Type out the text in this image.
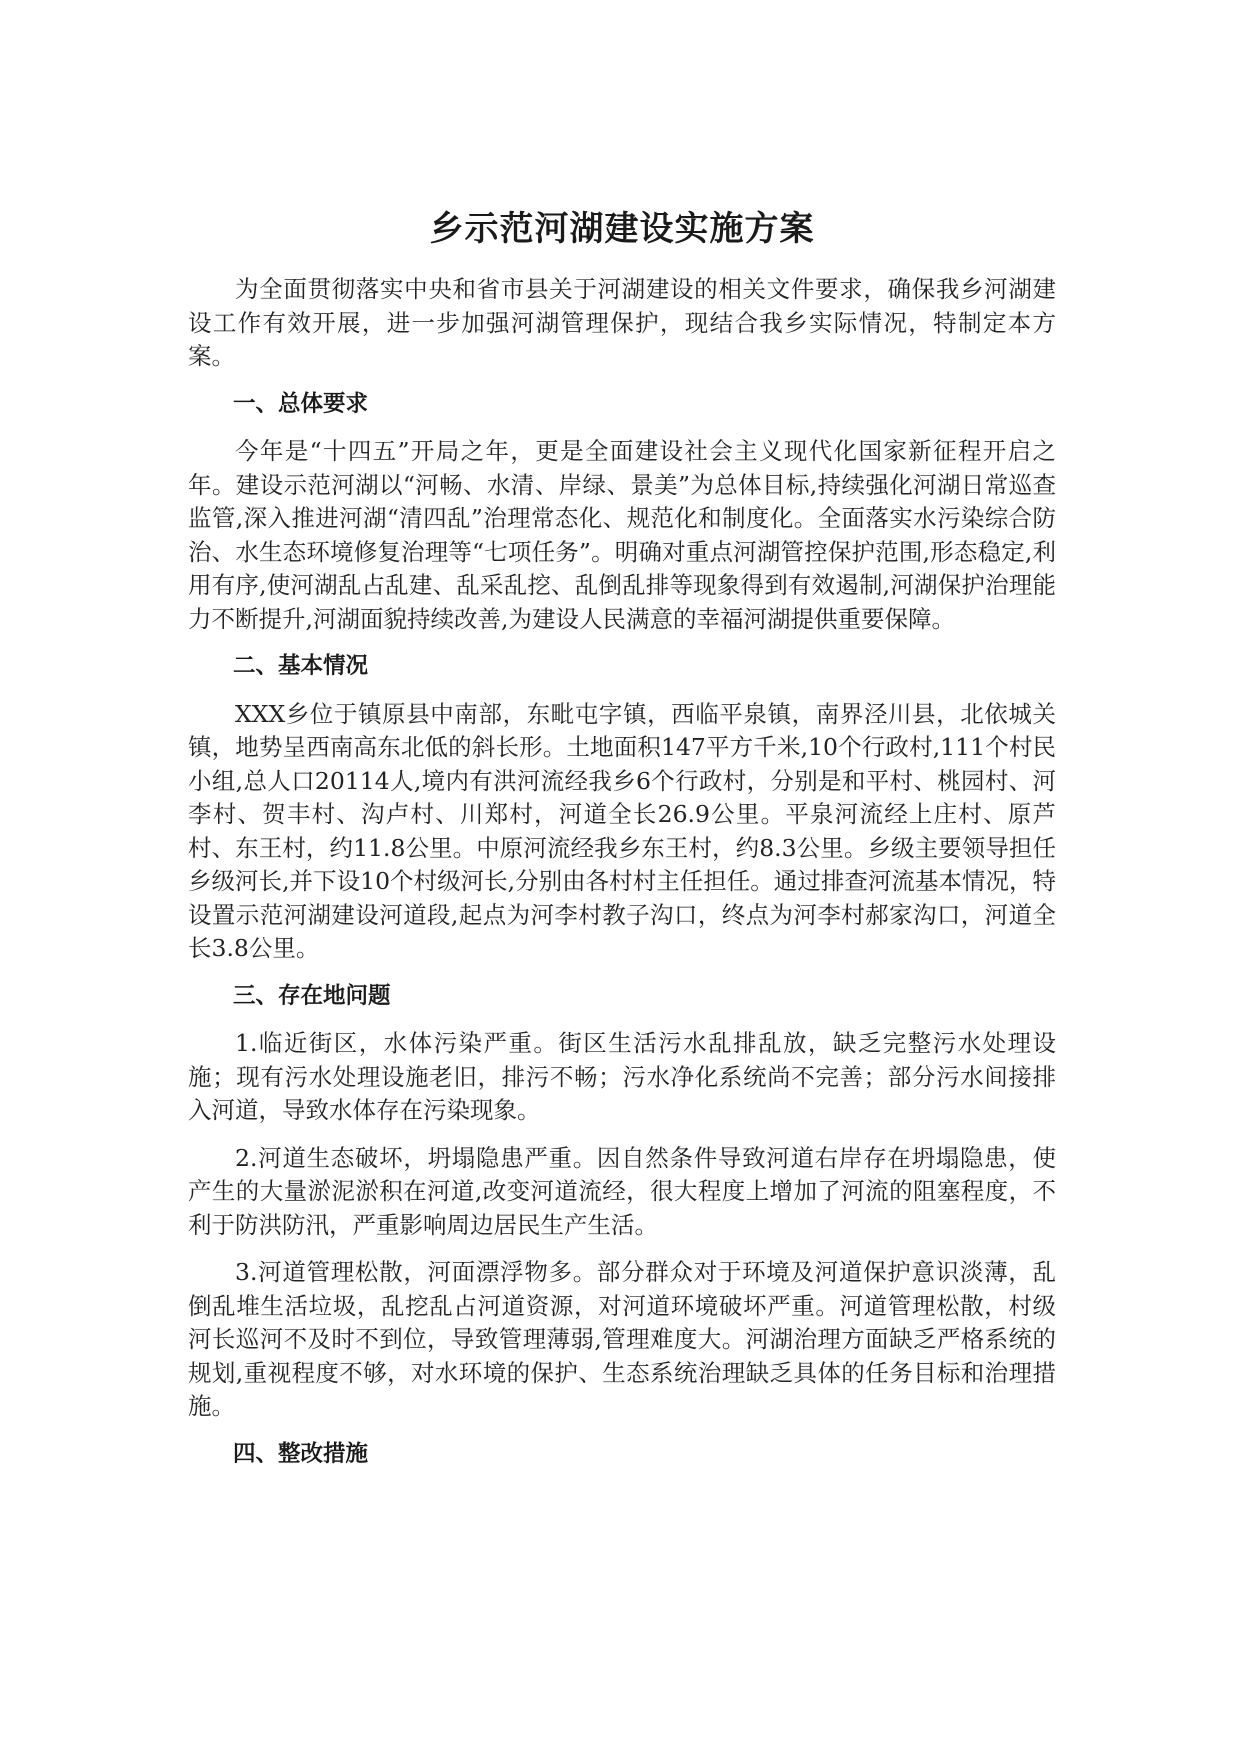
乡示范河湖建设实施方案

为全面贯彻落实中央和省市县关于河湖建设的相关文件要求，确保我乡河湖建设工作有效开展，进一步加强河湖管理保护，现结合我乡实际情况，特制定本方案。

一、总体要求

今年是“十四五”开局之年，更是全面建设社会主义现代化国家新征程开启之年。建设示范河湖以“河畅、水清、岸绿、景美”为总体目标,持续强化河湖日常巡查监管,深入推进河湖“清四乱”治理常态化、规范化和制度化。全面落实水污染综合防治、水生态环境修复治理等“七项任务”。明确对重点河湖管控保护范围,形态稳定,利用有序,使河湖乱占乱建、乱采乱挖、乱倒乱排等现象得到有效遏制,河湖保护治理能力不断提升,河湖面貌持续改善,为建设人民满意的幸福河湖提供重要保障。

二、基本情况

XXX乡位于镇原县中南部，东毗屯字镇，西临平泉镇，南界泾川县，北依城关镇，地势呈西南高东北低的斜长形。土地面积147平方千米,10个行政村,111个村民小组,总人口20114人,境内有洪河流经我乡6个行政村，分别是和平村、桃园村、河李村、贺丰村、沟卢村、川郑村，河道全长26.9公里。平泉河流经上庄村、原芦村、东王村，约11.8公里。中原河流经我乡东王村，约8.3公里。乡级主要领导担任乡级河长,并下设10个村级河长,分别由各村村主任担任。通过排查河流基本情况，特设置示范河湖建设河道段,起点为河李村教子沟口，终点为河李村郝家沟口，河道全长3.8公里。

三、存在地问题

1.临近街区，水体污染严重。街区生活污水乱排乱放，缺乏完整污水处理设施；现有污水处理设施老旧，排污不畅；污水净化系统尚不完善；部分污水间接排入河道，导致水体存在污染现象。

2.河道生态破坏，坍塌隐患严重。因自然条件导致河道右岸存在坍塌隐患，使产生的大量淤泥淤积在河道,改变河道流经，很大程度上增加了河流的阻塞程度，不利于防洪防汛，严重影响周边居民生产生活。

3.河道管理松散，河面漂浮物多。部分群众对于环境及河道保护意识淡薄，乱倒乱堆生活垃圾，乱挖乱占河道资源，对河道环境破坏严重。河道管理松散，村级河长巡河不及时不到位，导致管理薄弱,管理难度大。河湖治理方面缺乏严格系统的规划,重视程度不够，对水环境的保护、生态系统治理缺乏具体的任务目标和治理措施。

四、整改措施
